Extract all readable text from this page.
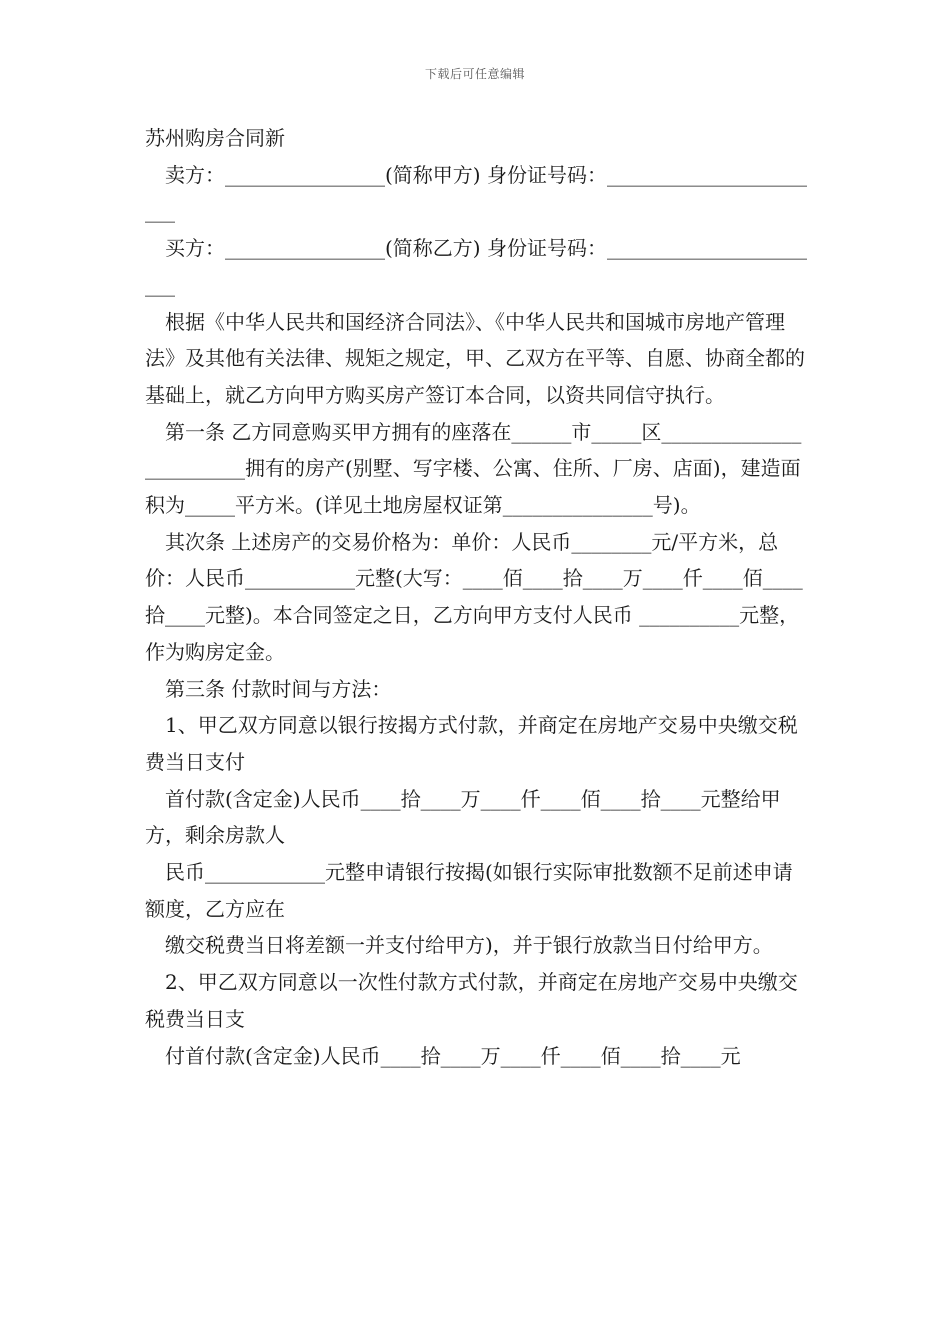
下载后可任意编辑

苏州购房合同新

卖方：________________(简称甲方) 身份证号码：_______________________

买方：________________(简称乙方) 身份证号码：_______________________

根据《中华人民共和国经济合同法》、《中华人民共和国城市房地产管理法》及其他有关法律、规矩之规定，甲、乙双方在平等、自愿、协商全都的基础上，就乙方向甲方购买房产签订本合同，以资共同信守执行。

第一条 乙方同意购买甲方拥有的座落在______市_____区________________________拥有的房产(别墅、写字楼、公寓、住所、厂房、店面)，建造面积为_____平方米。(详见土地房屋权证第_______________号)。

其次条 上述房产的交易价格为：单价：人民币________元/平方米，总价：人民币___________元整(大写：____佰____拾____万____仟____佰____拾____元整)。本合同签定之日，乙方向甲方支付人民币 __________元整，作为购房定金。

第三条 付款时间与方法：

1、甲乙双方同意以银行按揭方式付款，并商定在房地产交易中央缴交税费当日支付

首付款(含定金)人民币____拾____万____仟____佰____拾____元整给甲方，剩余房款人

民币____________元整申请银行按揭(如银行实际审批数额不足前述申请额度，乙方应在

缴交税费当日将差额一并支付给甲方)，并于银行放款当日付给甲方。

2、甲乙双方同意以一次性付款方式付款，并商定在房地产交易中央缴交税费当日支

付首付款(含定金)人民币____拾____万____仟____佰____拾____元
